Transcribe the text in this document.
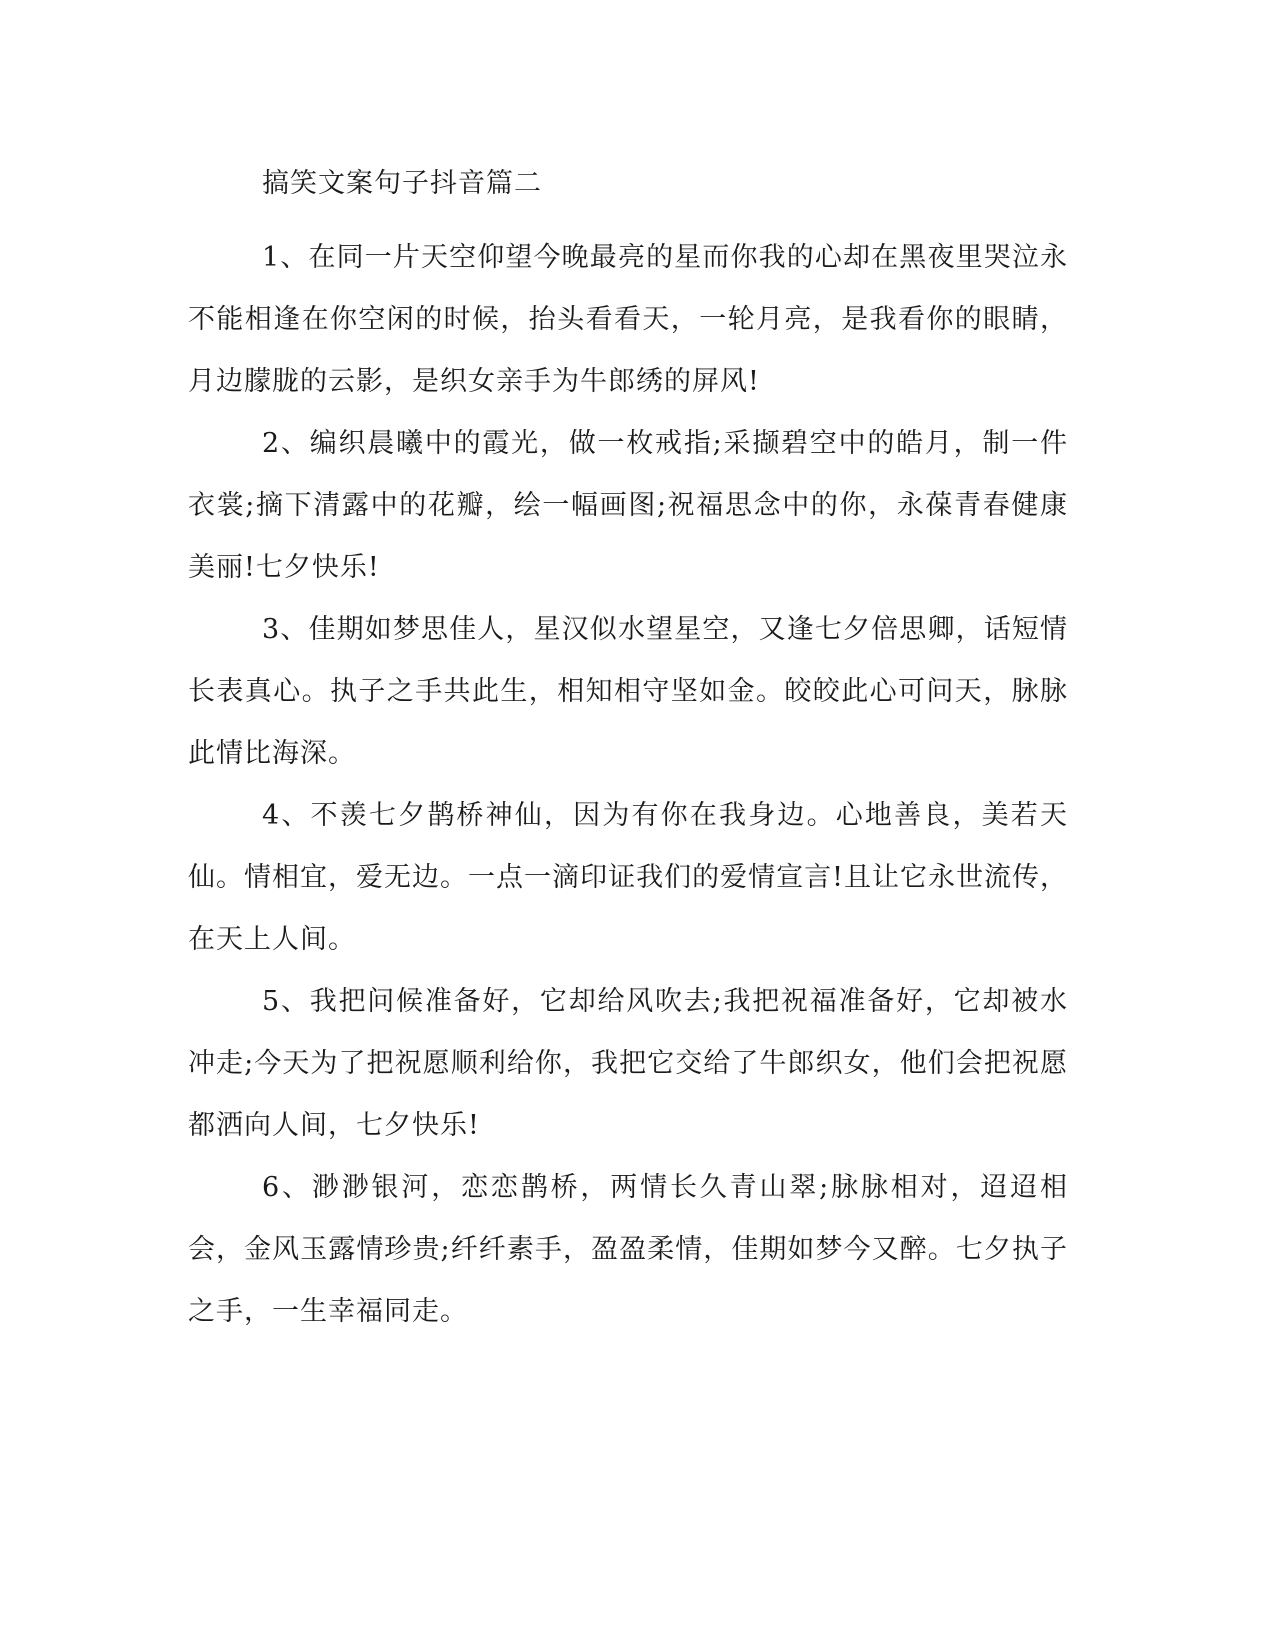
搞笑文案句子抖音篇二

1、在同一片天空仰望今晚最亮的星而你我的心却在黑夜里哭泣永不能相逢在你空闲的时候，抬头看看天，一轮月亮，是我看你的眼睛，月边朦胧的云影，是织女亲手为牛郎绣的屏风!

2、编织晨曦中的霞光，做一枚戒指;采撷碧空中的皓月，制一件衣裳;摘下清露中的花瓣，绘一幅画图;祝福思念中的你，永葆青春健康美丽!七夕快乐!

3、佳期如梦思佳人，星汉似水望星空，又逢七夕倍思卿，话短情长表真心。执子之手共此生，相知相守坚如金。皎皎此心可问天，脉脉此情比海深。

4、不羡七夕鹊桥神仙，因为有你在我身边。心地善良，美若天仙。情相宜，爱无边。一点一滴印证我们的爱情宣言!且让它永世流传，在天上人间。

5、我把问候准备好，它却给风吹去;我把祝福准备好，它却被水冲走;今天为了把祝愿顺利给你，我把它交给了牛郎织女，他们会把祝愿都洒向人间，七夕快乐!

6、渺渺银河，恋恋鹊桥，两情长久青山翠;脉脉相对，迢迢相会，金风玉露情珍贵;纤纤素手，盈盈柔情，佳期如梦今又醉。七夕执子之手，一生幸福同走。
